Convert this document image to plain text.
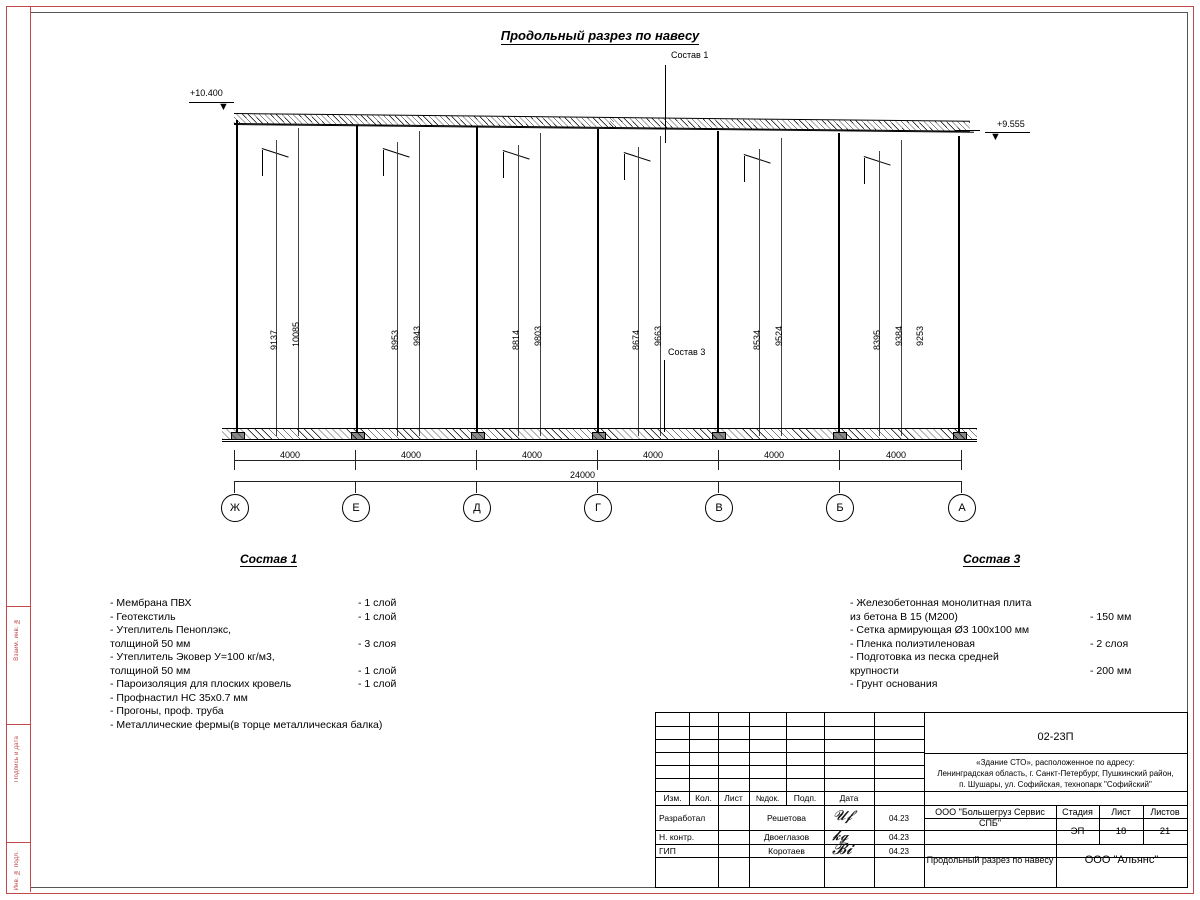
Взаим. инв. №
Подпись и дата
Инв. № подл.
Продольный разрез по навесу
Состав 1
+10.400
▼
+9.555
▼
9137 10085	8953 9943	8814 9803	8674 9663	8534 9524	8395 9384 9253
Состав 3
4000	4000	4000	4000	4000	4000
24000
Ж	Е	Д	Г	В	Б	А
Состав 1
- Мембрана ПВХ	- 1 слой
- Геотекстиль	- 1 слой
- Утеплитель Пеноплэкс,
толщиной 50 мм	- 3 слоя
- Утеплитель Эковер У=100 кг/м3,
толщиной 50 мм	- 1 слой
- Пароизоляция для плоских кровель	- 1 слой
- Профнастил НС 35х0.7 мм
- Прогоны, проф. труба
- Металлические фермы(в торце металлическая балка)
Состав 3
- Железобетонная монолитная плита
из бетона В 15 (М200)	- 150 мм
- Сетка армирующая Ø3 100х100 мм
- Пленка полиэтиленовая	- 2 слоя
- Подготовка из песка средней
крупности	- 200 мм
- Грунт основания
02-23П
«Здание СТО», расположенное по адресу:
Ленинградская область, г. Санкт-Петербург, Пушкинский район,
п. Шушары, ул. Софийская, технопарк "Софийский"
Изм.	Кол.	Лист	№док.	Подп.	Дата
Разработал	Решетова	04.23
𝓤𝓯
Н. контр.	Двоеглазов	04.23
𝓴𝓰
ГИП	Коротаев	04.23
𝓑𝓲
ООО "Большегруз Сервис СПБ"
Продольный разрез по навесу
Стадия	Лист	Листов
ЭП	18	21
ООО "Альянс"
